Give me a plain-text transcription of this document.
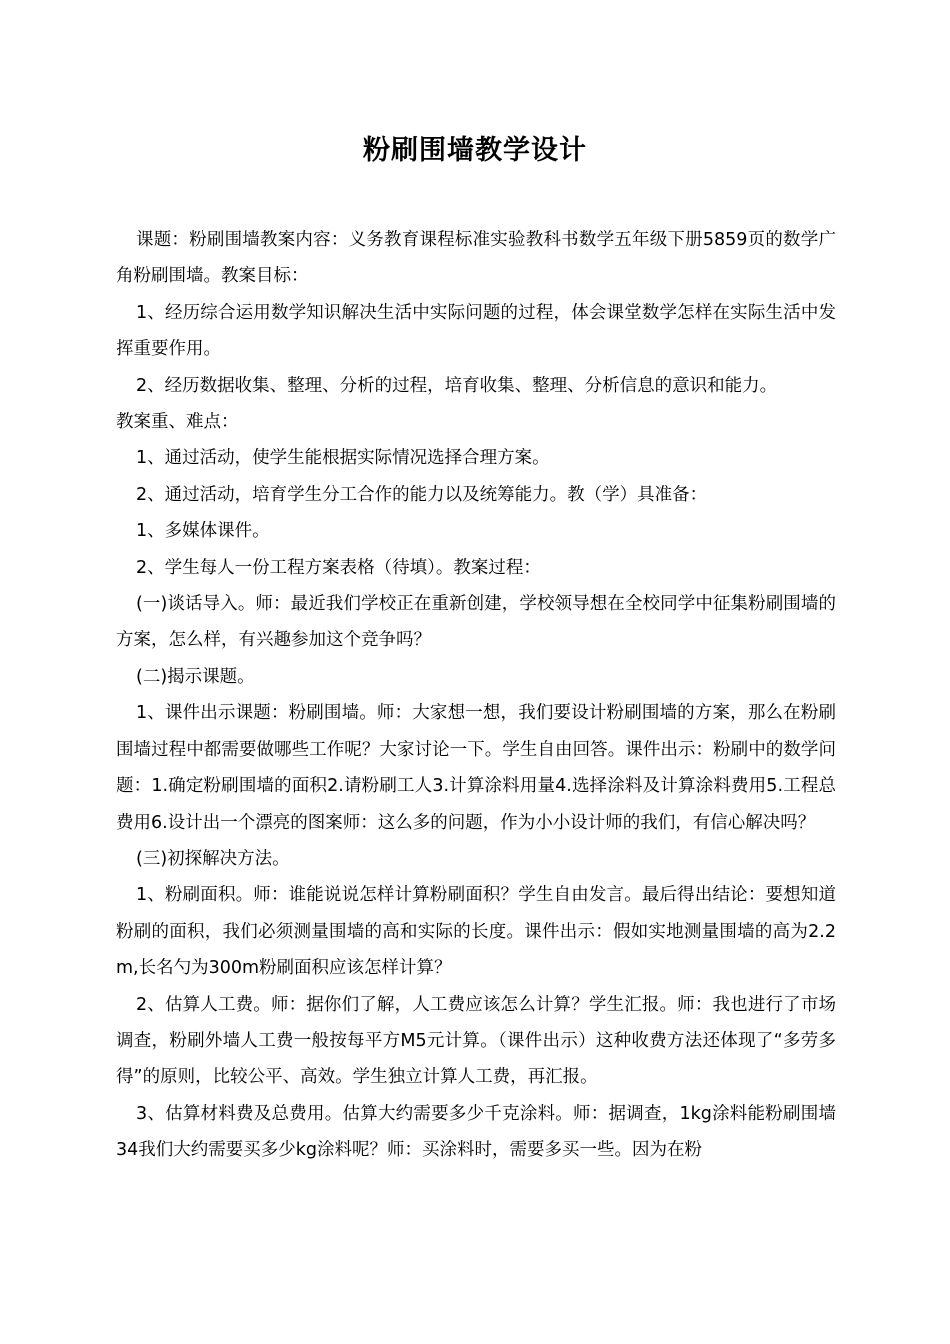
粉刷围墙教学设计

课题：粉刷围墙教案内容：义务教育课程标准实验教科书数学五年级下册5859页的数学广角粉刷围墙。教案目标：

1、经历综合运用数学知识解决生活中实际问题的过程，体会课堂数学怎样在实际生活中发挥重要作用。

2、经历数据收集、整理、分析的过程，培育收集、整理、分析信息的意识和能力。

教案重、难点：

1、通过活动，使学生能根据实际情况选择合理方案。

2、通过活动，培育学生分工合作的能力以及统筹能力。教（学）具准备：

1、多媒体课件。

2、学生每人一份工程方案表格（待填）。教案过程：

(一)谈话导入。师：最近我们学校正在重新创建，学校领导想在全校同学中征集粉刷围墙的方案，怎么样，有兴趣参加这个竞争吗？

(二)揭示课题。

1、课件出示课题：粉刷围墙。师：大家想一想，我们要设计粉刷围墙的方案，那么在粉刷围墙过程中都需要做哪些工作呢？大家讨论一下。学生自由回答。课件出示：粉刷中的数学问题：1.确定粉刷围墙的面积2.请粉刷工人3.计算涂料用量4.选择涂料及计算涂料费用5.工程总费用6.设计出一个漂亮的图案师：这么多的问题，作为小小设计师的我们，有信心解决吗？

(三)初探解决方法。

1、粉刷面积。师：谁能说说怎样计算粉刷面积？学生自由发言。最后得出结论：要想知道粉刷的面积，我们必须测量围墙的高和实际的长度。课件出示：假如实地测量围墙的高为2.2m,长名勺为300m粉刷面积应该怎样计算？

2、估算人工费。师：据你们了解，人工费应该怎么计算？学生汇报。师：我也进行了市场调查，粉刷外墙人工费一般按每平方M5元计算。（课件出示）这种收费方法还体现了“多劳多得”的原则，比较公平、高效。学生独立计算人工费，再汇报。

3、估算材料费及总费用。估算大约需要多少千克涂料。师：据调查，1kg涂料能粉刷围墙34我们大约需要买多少kg涂料呢？师：买涂料时，需要多买一些。因为在粉
